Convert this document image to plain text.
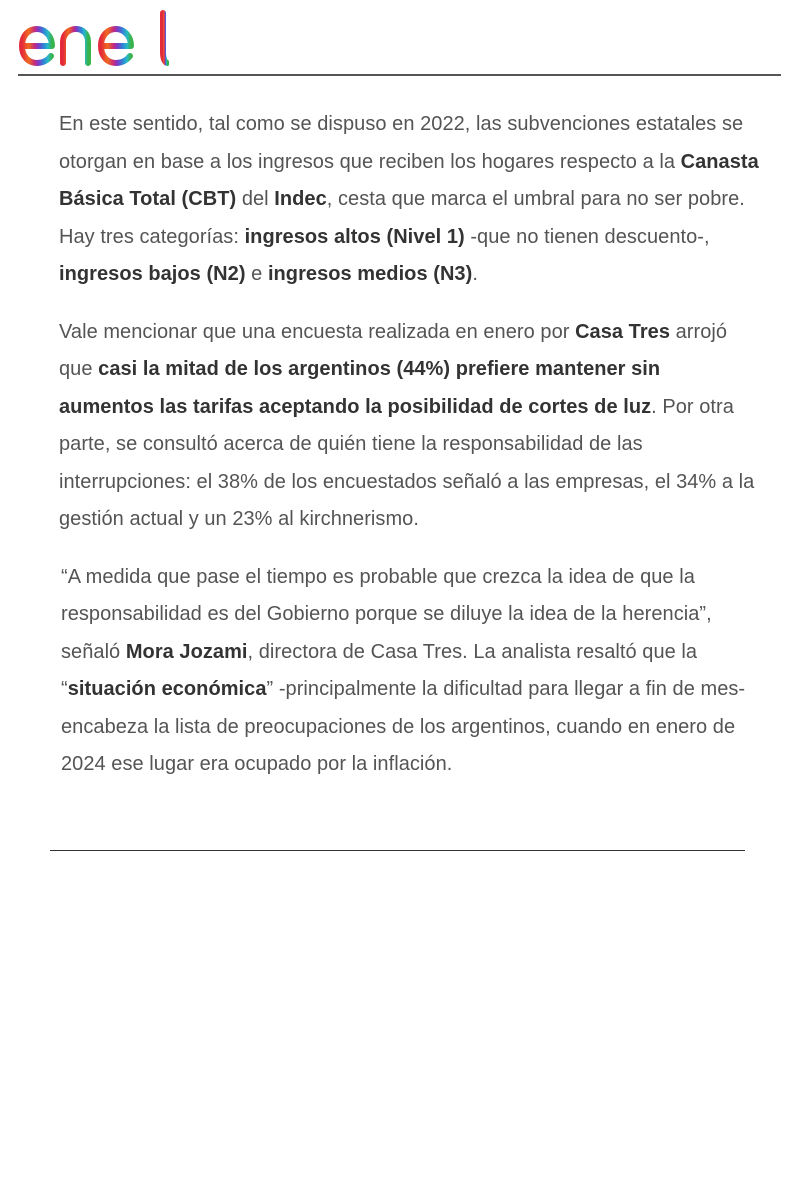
En este sentido, tal como se dispuso en 2022, las subvenciones estatales se otorgan en base a los ingresos que reciben los hogares respecto a la Canasta Básica Total (CBT) del Indec, cesta que marca el umbral para no ser pobre. Hay tres categorías: ingresos altos (Nivel 1) -que no tienen descuento-, ingresos bajos (N2) e ingresos medios (N3).

Vale mencionar que una encuesta realizada en enero por Casa Tres arrojó que casi la mitad de los argentinos (44%) prefiere mantener sin aumentos las tarifas aceptando la posibilidad de cortes de luz. Por otra parte, se consultó acerca de quién tiene la responsabilidad de las interrupciones: el 38% de los encuestados señaló a las empresas, el 34% a la gestión actual y un 23% al kirchnerismo.

“A medida que pase el tiempo es probable que crezca la idea de que la responsabilidad es del Gobierno porque se diluye la idea de la herencia”, señaló Mora Jozami, directora de Casa Tres. La analista resaltó que la “situación económica” -principalmente la dificultad para llegar a fin de mes- encabeza la lista de preocupaciones de los argentinos, cuando en enero de 2024 ese lugar era ocupado por la inflación.
